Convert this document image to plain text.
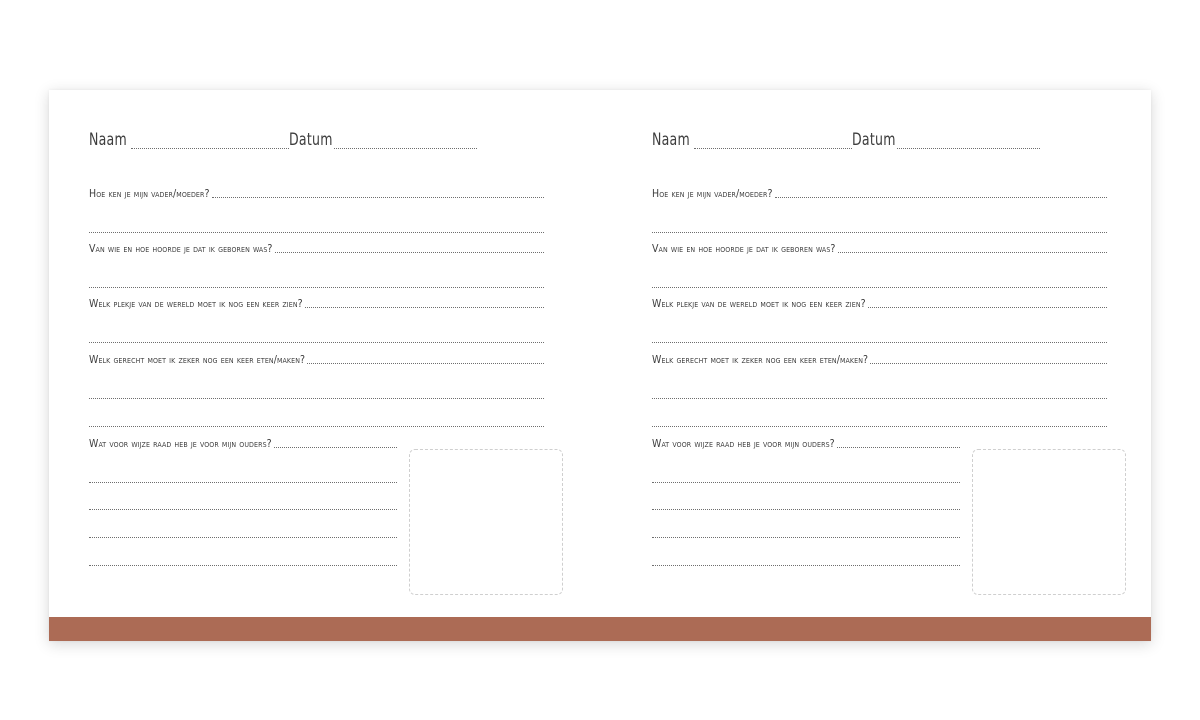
Naam	Datum
Hoe ken je mijn vader/moeder?
Van wie en hoe hoorde je dat ik geboren was?
Welk plekje van de wereld moet ik nog een keer zien?
Welk gerecht moet ik zeker nog een keer eten/maken?
Wat voor wijze raad heb je voor mijn ouders?
Naam	Datum
Hoe ken je mijn vader/moeder?
Van wie en hoe hoorde je dat ik geboren was?
Welk plekje van de wereld moet ik nog een keer zien?
Welk gerecht moet ik zeker nog een keer eten/maken?
Wat voor wijze raad heb je voor mijn ouders?
